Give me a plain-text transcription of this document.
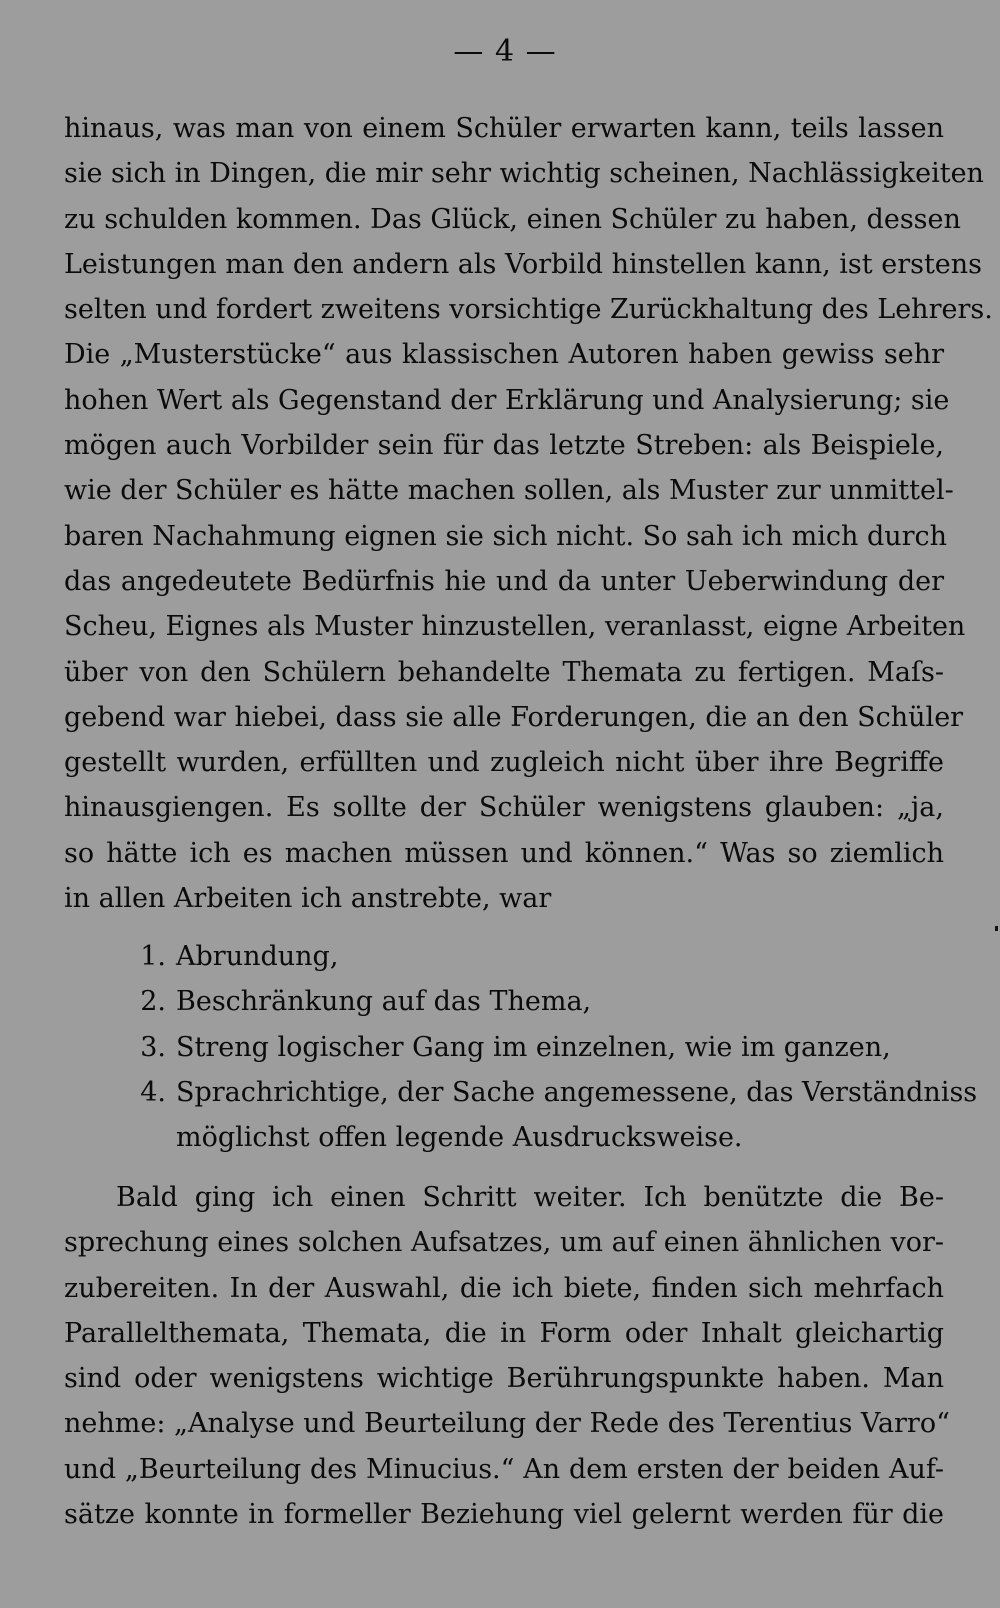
— 4 —
hinaus, was man von einem Schüler erwarten kann, teils lassen
sie sich in Dingen, die mir sehr wichtig scheinen, Nachlässigkeiten
zu schulden kommen. Das Glück, einen Schüler zu haben, dessen
Leistungen man den andern als Vorbild hinstellen kann, ist erstens
selten und fordert zweitens vorsichtige Zurückhaltung des Lehrers.
Die „Musterstücke“ aus klassischen Autoren haben gewiss sehr
hohen Wert als Gegenstand der Erklärung und Analysierung; sie
mögen auch Vorbilder sein für das letzte Streben: als Beispiele,
wie der Schüler es hätte machen sollen, als Muster zur unmittel-
baren Nachahmung eignen sie sich nicht. So sah ich mich durch
das angedeutete Bedürfnis hie und da unter Ueberwindung der
Scheu, Eignes als Muster hinzustellen, veranlasst, eigne Arbeiten
über von den Schülern behandelte Themata zu fertigen. Maſs-
gebend war hiebei, dass sie alle Forderungen, die an den Schüler
gestellt wurden, erfüllten und zugleich nicht über ihre Begriffe
hinausgiengen. Es sollte der Schüler wenigstens glauben: „ja,
so hätte ich es machen müssen und können.“ Was so ziemlich
in allen Arbeiten ich anstrebte, war
1. Abrundung,
2. Beschränkung auf das Thema,
3. Streng logischer Gang im einzelnen, wie im ganzen,
4. Sprachrichtige, der Sache angemessene, das Verständniss
möglichst offen legende Ausdrucksweise.
Bald ging ich einen Schritt weiter. Ich benützte die Be-
sprechung eines solchen Aufsatzes, um auf einen ähnlichen vor-
zubereiten. In der Auswahl, die ich biete, finden sich mehrfach
Parallelthemata, Themata, die in Form oder Inhalt gleichartig
sind oder wenigstens wichtige Berührungspunkte haben. Man
nehme: „Analyse und Beurteilung der Rede des Terentius Varro“
und „Beurteilung des Minucius.“ An dem ersten der beiden Auf-
sätze konnte in formeller Beziehung viel gelernt werden für die
